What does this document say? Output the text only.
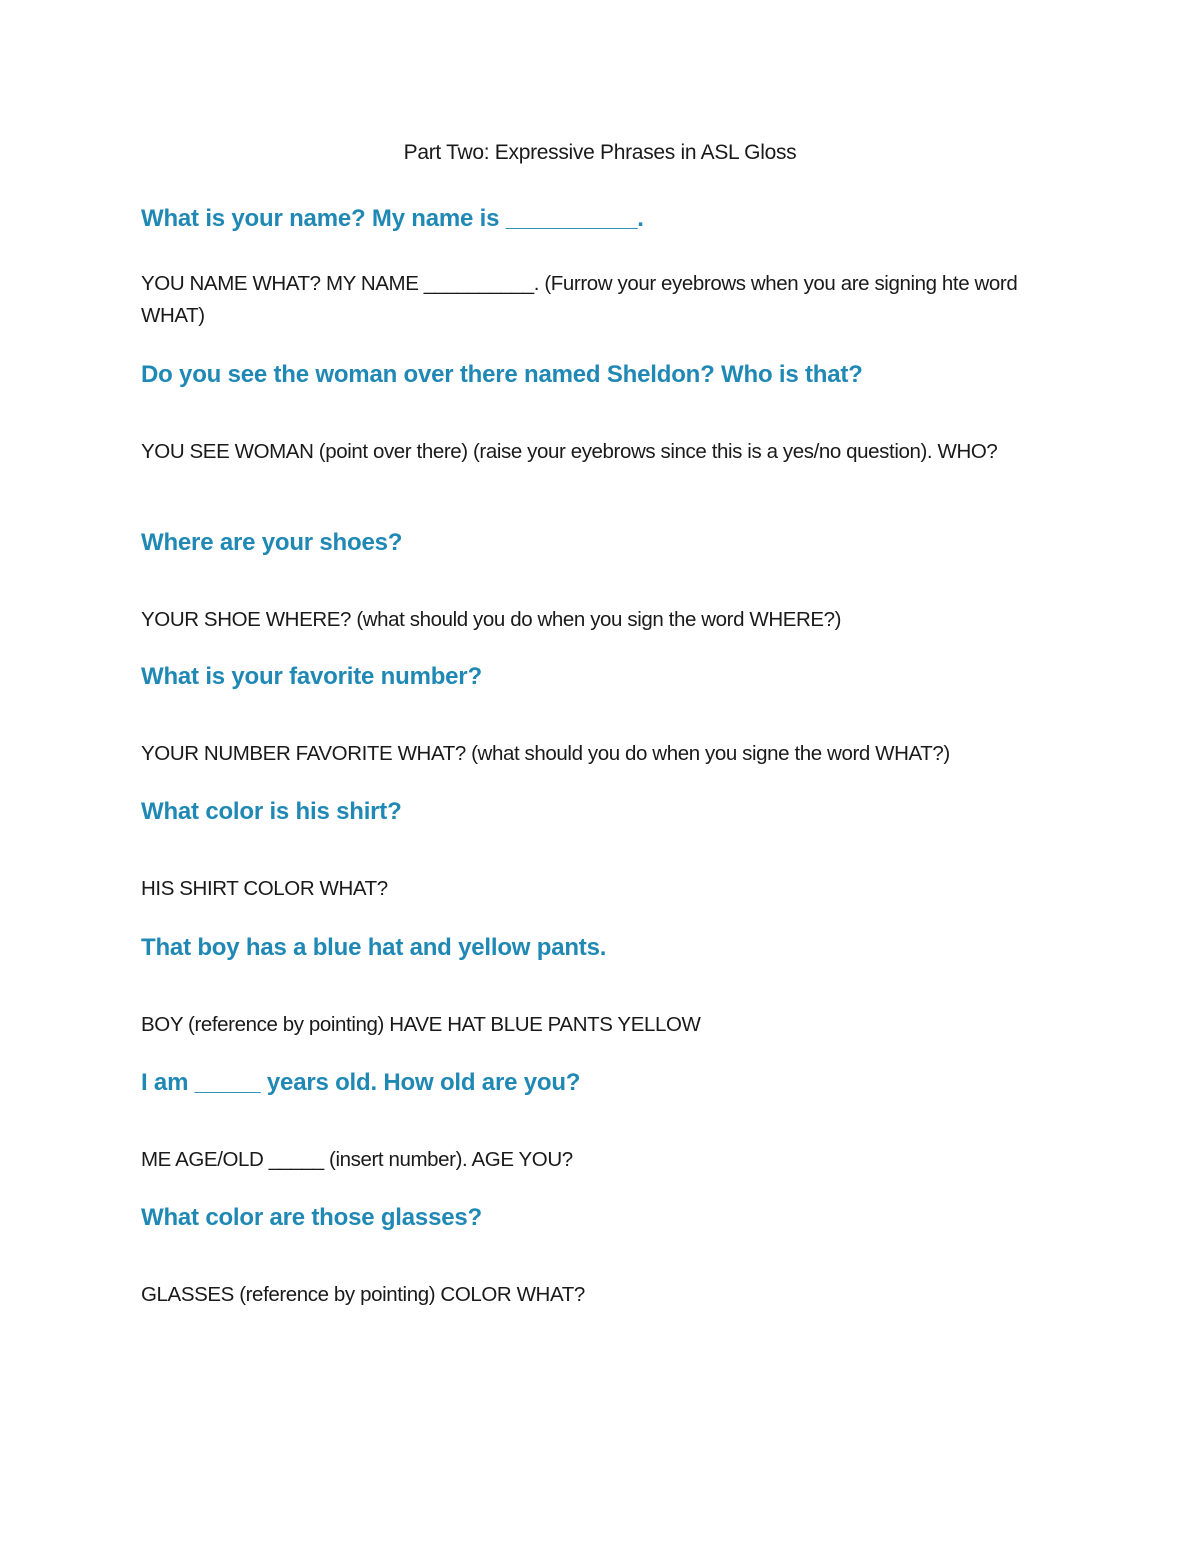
Part Two: Expressive Phrases in ASL Gloss
What is your name? My name is __________.
YOU NAME WHAT? MY NAME __________. (Furrow your eyebrows when you are signing hte word WHAT)
Do you see the woman over there named Sheldon? Who is that?
YOU SEE WOMAN (point over there) (raise your eyebrows since this is a yes/no question). WHO?
Where are your shoes?
YOUR SHOE WHERE? (what should you do when you sign the word WHERE?)
What is your favorite number?
YOUR NUMBER FAVORITE WHAT? (what should you do when you signe the word WHAT?)
What color is his shirt?
HIS SHIRT COLOR WHAT?
That boy has a blue hat and yellow pants.
BOY (reference by pointing) HAVE HAT BLUE PANTS YELLOW
I am _____ years old. How old are you?
ME AGE/OLD _____ (insert number). AGE YOU?
What color are those glasses?
GLASSES (reference by pointing) COLOR WHAT?
